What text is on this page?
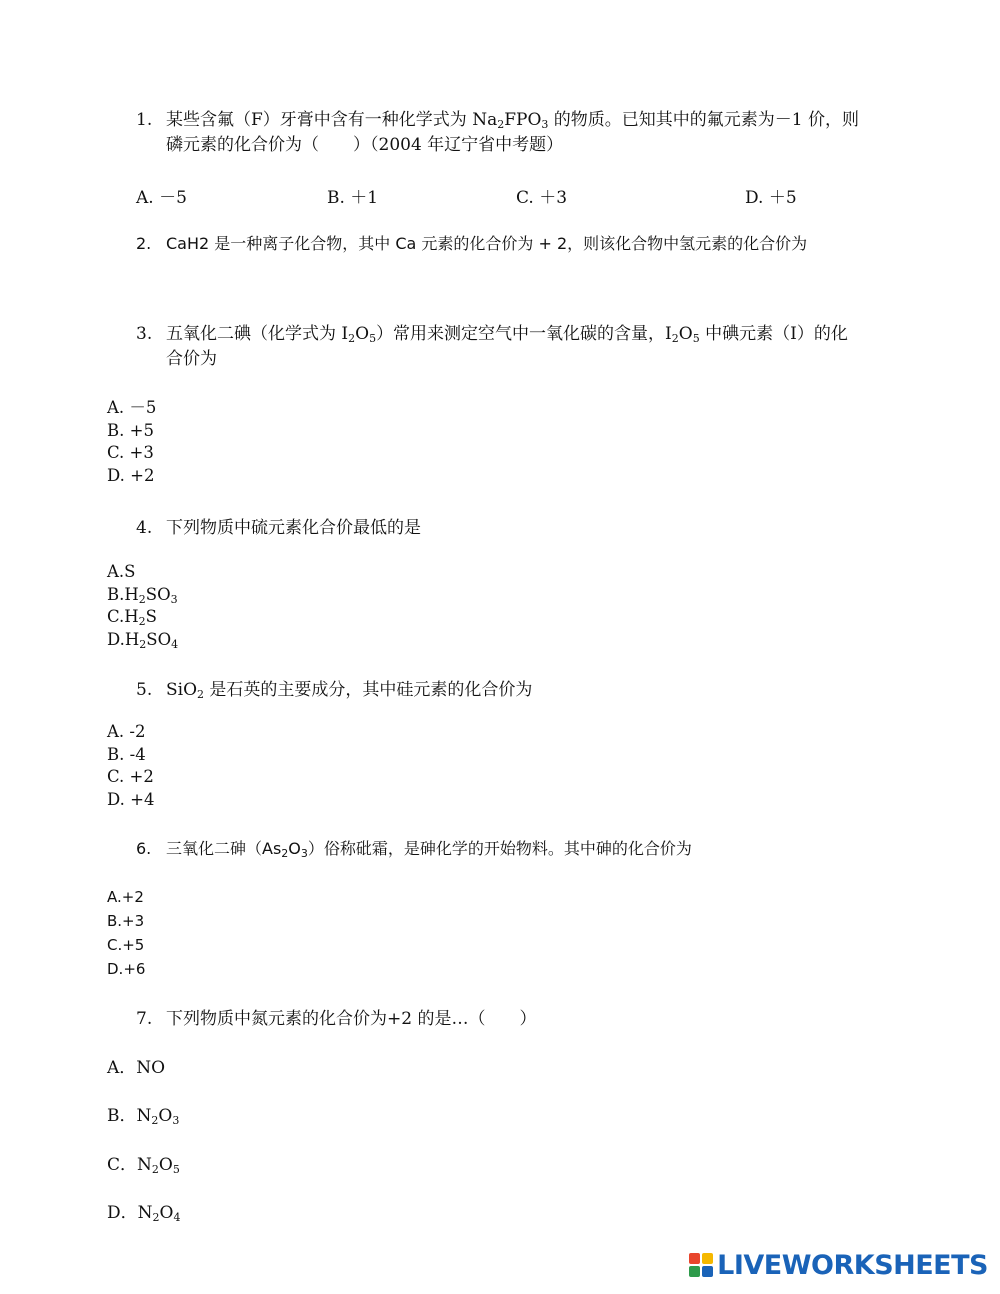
1. 某些含氟（F）牙膏中含有一种化学式为 $Na_2FPO_3$ 的物质。已知其中的氟元素为－1 价，则
磷元素的化合价为（　　）（2004 年辽宁省中考题）
A. －5	B. ＋1	C. ＋3	D. ＋5
2. CaH2 是一种离子化合物，其中 Ca 元素的化合价为 + 2，则该化合物中氢元素的化合价为
3. 五氧化二碘（化学式为 $I_2O_5$）常用来测定空气中一氧化碳的含量，$I_2O_5$ 中碘元素（I）的化
合价为
A. －5
B. +5
C. +3
D. +2
4. 下列物质中硫元素化合价最低的是
A.S
$B.H_2SO_3$
$C.H_2S$
$D.H_2SO_4$
5. SiO$_2$ 是石英的主要成分，其中硅元素的化合价为
A. -2
B. -4
C. +2
D. +4
6. 三氧化二砷$(As_2O_3)$俗称砒霜，是砷化学的开始物料。其中砷的化合价为
A.+2
B.+3
C.+5
D.+6
7. 下列物质中氮元素的化合价为+2 的是…（　　）
A．NO
B．$N_2O_3$
C．$N_2O_5$
D．$N_2O_4$
LIVEWORKSHEETS
